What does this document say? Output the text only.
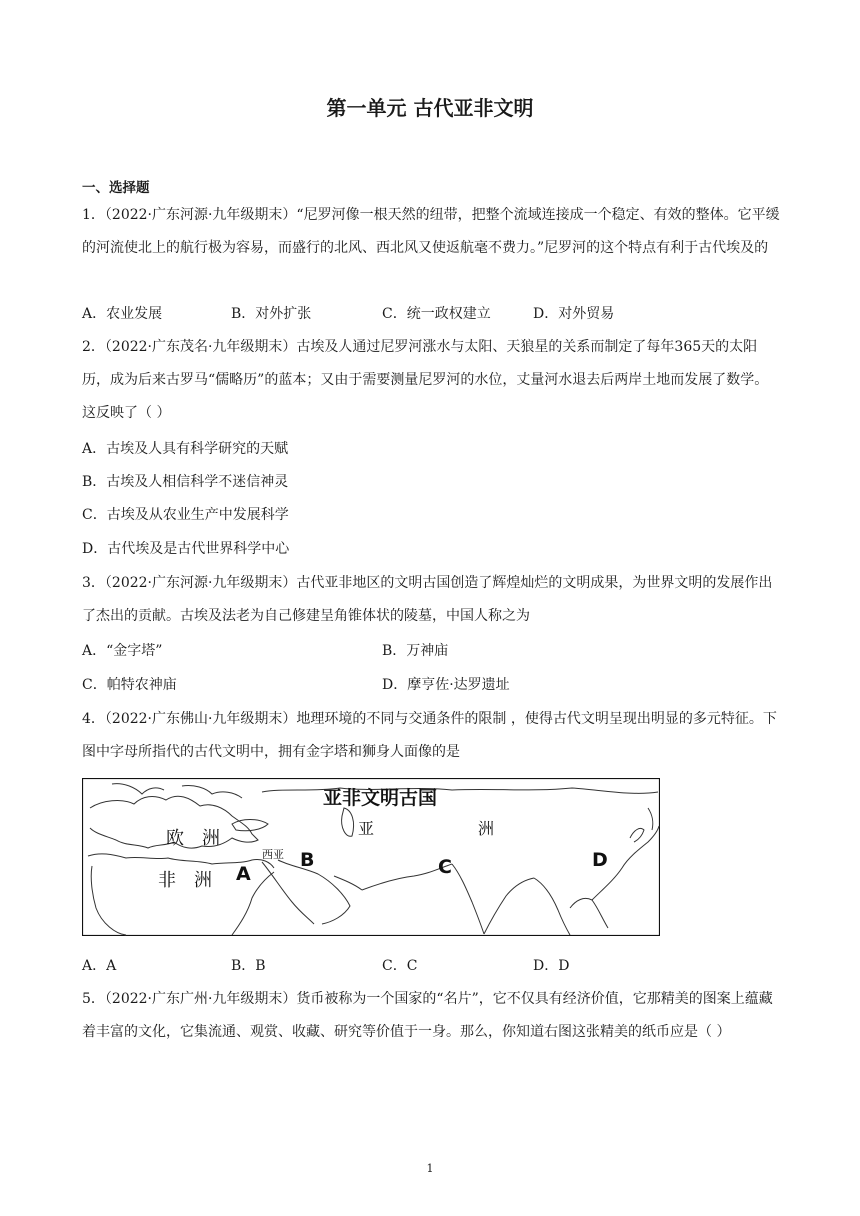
第一单元 古代亚非文明
一、选择题
1．（2022·广东河源·九年级期末）“尼罗河像一根天然的纽带，把整个流域连接成一个稳定、有效的整体。它平缓的河流使北上的航行极为容易，而盛行的北风、西北风又使返航毫不费力。”尼罗河的这个特点有利于古代埃及的
A．农业发展	B．对外扩张	C．统一政权建立	D．对外贸易
2．（2022·广东茂名·九年级期末）古埃及人通过尼罗河涨水与太阳、天狼星的关系而制定了每年365天的太阳历，成为后来古罗马“儒略历”的蓝本；又由于需要测量尼罗河的水位，丈量河水退去后两岸土地而发展了数学。这反映了（ ）
A．古埃及人具有科学研究的天赋
B．古埃及人相信科学不迷信神灵
C．古埃及从农业生产中发展科学
D．古代埃及是古代世界科学中心
3．（2022·广东河源·九年级期末）古代亚非地区的文明古国创造了辉煌灿烂的文明成果，为世界文明的发展作出了杰出的贡献。古埃及法老为自己修建呈角锥体状的陵墓，中国人称之为
A．“金字塔”	B．万神庙
C．帕特农神庙	D．摩亨佐·达罗遗址
4．（2022·广东佛山·九年级期末）地理环境的不同与交通条件的限制 ，使得古代文明呈现出明显的多元特征。下图中字母所指代的古代文明中，拥有金字塔和狮身人面像的是
亚非文明古国
欧　洲	亚	洲
西亚
非　洲 A
B	C	D
A．A	B．B	C．C	D．D
5．（2022·广东广州·九年级期末）货币被称为一个国家的“名片”，它不仅具有经济价值，它那精美的图案上蕴藏着丰富的文化，它集流通、观赏、收藏、研究等价值于一身。那么，你知道右图这张精美的纸币应是（ ）
1
